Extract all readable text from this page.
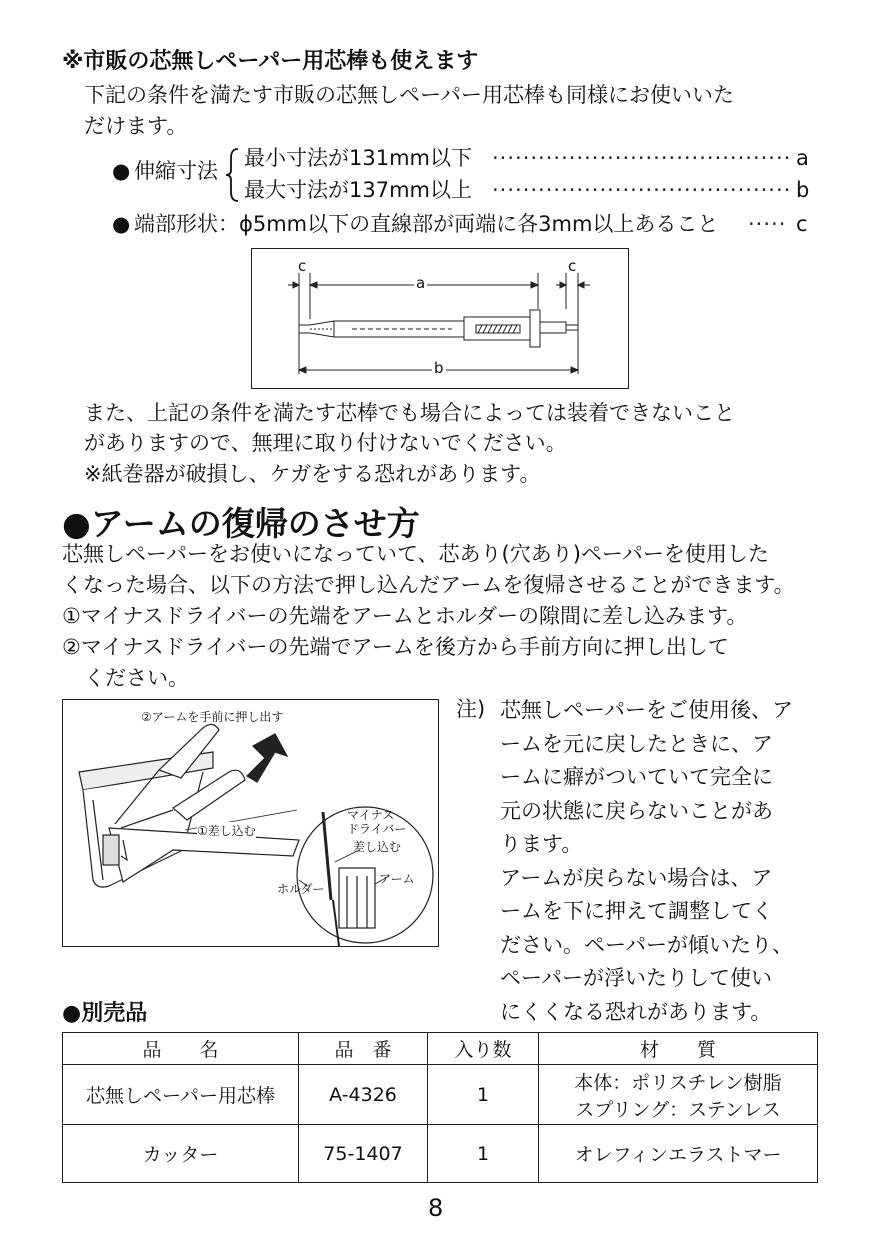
※市販の芯無しペーパー用芯棒も使えます
下記の条件を満たす市販の芯無しペーパー用芯棒も同様にお使いいた
だけます。
● 伸縮寸法
最小寸法が131mm以下 ······································· a
最大寸法が137mm以上 ······································· b
● 端部形状：ϕ5mm以下の直線部が両端に各3mm以上あること ····· c
c
a
c
b
また、上記の条件を満たす芯棒でも場合によっては装着できないこと
がありますので、無理に取り付けないでください。
※紙巻器が破損し、ケガをする恐れがあります。
●アームの復帰のさせ方
芯無しペーパーをお使いになっていて、芯あり(穴あり)ペーパーを使用した
くなった場合、以下の方法で押し込んだアームを復帰させることができます。
①マイナスドライバーの先端をアームとホルダーの隙間に差し込みます。
②マイナスドライバーの先端でアームを後方から手前方向に押し出して
ください。
②アームを手前に押し出す
①差し込む
マイナス
ドライバー
差し込む
ホルダー
アーム
注) 芯無しペーパーをご使用後、ア
ームを元に戻したときに、ア
ームに癖がついていて完全に
元の状態に戻らないことがあ
ります。
アームが戻らない場合は、ア
ームを下に押えて調整してく
ださい。ペーパーが傾いたり、
ペーパーが浮いたりして使い
にくくなる恐れがあります。
●別売品
品　　名	品　番	入り数	材　　質
芯無しペーパー用芯棒	A-4326	1	本体：ポリスチレン樹脂
スプリング：ステンレス

カッター	75-1407	1	オレフィンエラストマー
8
